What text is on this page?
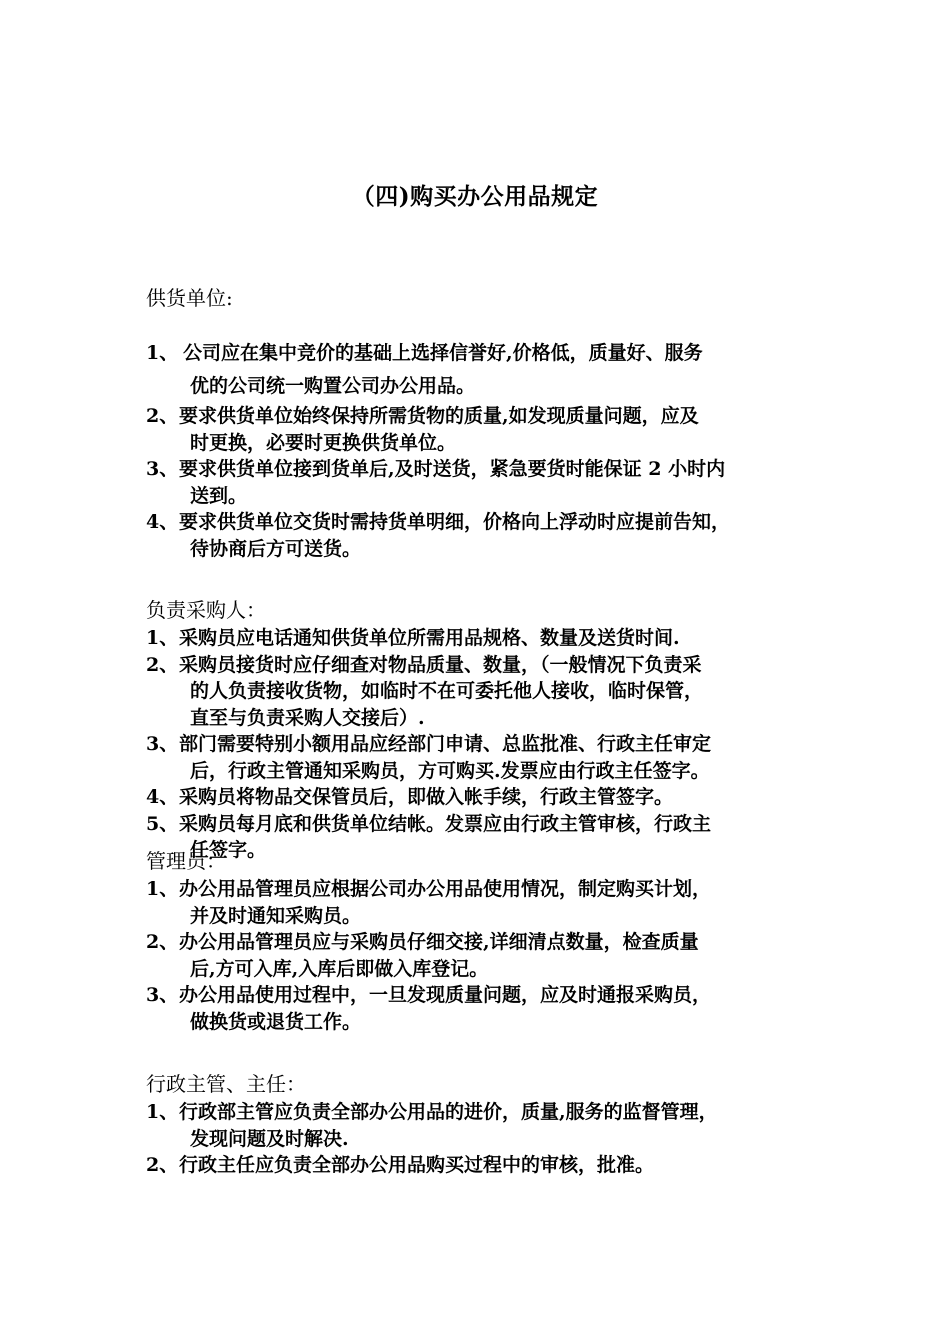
（四)购买办公用品规定
供货单位:
1、 公司应在集中竞价的基础上选择信誉好,价格低，质量好、服务
优的公司统一购置公司办公用品。
2、 要求供货单位始终保持所需货物的质量,如发现质量问题，应及
时更换，必要时更换供货单位。
3、 要求供货单位接到货单后,及时送货，紧急要货时能保证 2 小时内
送到。
4、 要求供货单位交货时需持货单明细，价格向上浮动时应提前告知，
待协商后方可送货。
负责采购人：
1、 采购员应电话通知供货单位所需用品规格、数量及送货时间.
2、 采购员接货时应仔细查对物品质量、数量，（一般情况下负责采
的人负责接收货物，如临时不在可委托他人接收，临时保管，
直至与负责采购人交接后）.
3、 部门需要特别小额用品应经部门申请、总监批准、行政主任审定
后，行政主管通知采购员，方可购买.发票应由行政主任签字。
4、 采购员将物品交保管员后，即做入帐手续，行政主管签字。
5、 采购员每月底和供货单位结帐。发票应由行政主管审核，行政主
任签字。
管理员：
1、 办公用品管理员应根据公司办公用品使用情况，制定购买计划，
并及时通知采购员。
2、 办公用品管理员应与采购员仔细交接,详细清点数量，检查质量
后,方可入库,入库后即做入库登记。
3、 办公用品使用过程中，一旦发现质量问题，应及时通报采购员，
做换货或退货工作。
行政主管、主任：
1、 行政部主管应负责全部办公用品的进价，质量,服务的监督管理，
发现问题及时解决.
2、 行政主任应负责全部办公用品购买过程中的审核，批准。
